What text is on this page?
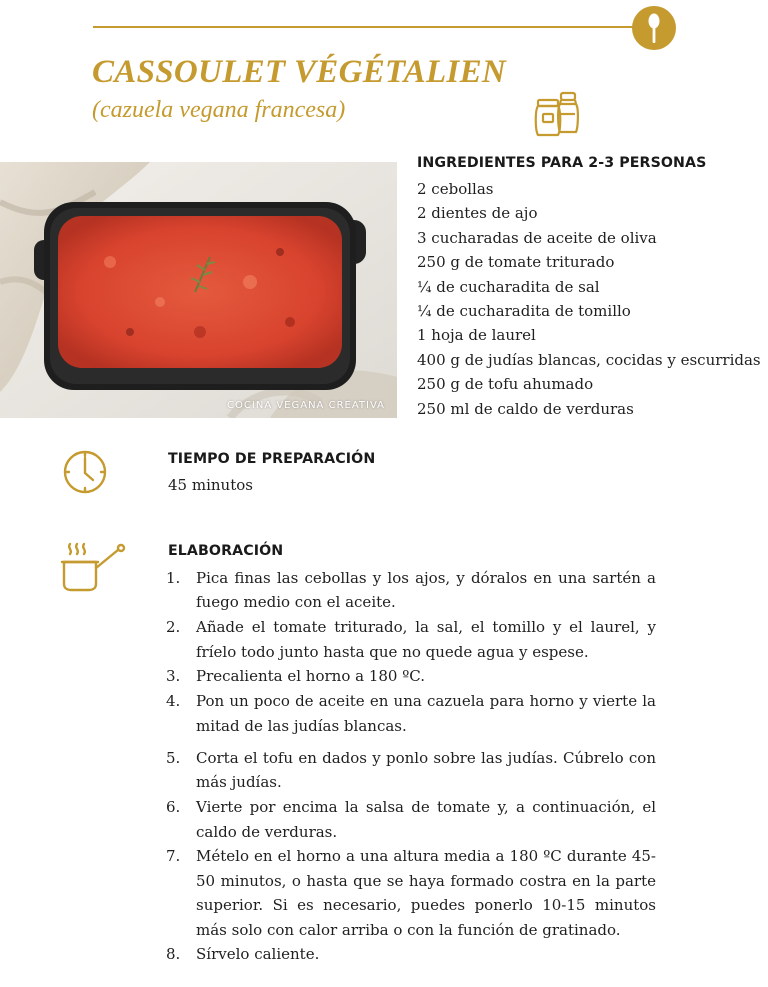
CASSOULET VÉGÉTALIEN
(cazuela vegana francesa)
COCINA VEGANA CREATIVA
INGREDIENTES PARA 2-3 PERSONAS
2 cebollas
2 dientes de ajo
3 cucharadas de aceite de oliva
250 g de tomate triturado
¼ de cucharadita de sal
¼ de cucharadita de tomillo
1 hoja de laurel
400 g de judías blancas, cocidas y escurridas
250 g de tofu ahumado
250 ml de caldo de verduras
TIEMPO DE PREPARACIÓN
45 minutos
ELABORACIÓN
1. Pica finas las cebollas y los ajos, y dóralos en una sartén a fuego medio con el aceite.
2. Añade el tomate triturado, la sal, el tomillo y el laurel, y fríelo todo junto hasta que no quede agua y espese.
3. Precalienta el horno a 180 ºC.
4. Pon un poco de aceite en una cazuela para horno y vierte la mitad de las judías blancas.
5. Corta el tofu en dados y ponlo sobre las judías. Cúbrelo con más judías.
6. Vierte por encima la salsa de tomate y, a continuación, el caldo de verduras.
7. Mételo en el horno a una altura media a 180 ºC durante 45-50 minutos, o hasta que se haya formado costra en la parte superior. Si es necesario, puedes ponerlo 10-15 minutos más solo con calor arriba o con la función de gratinado.
8. Sírvelo caliente.
